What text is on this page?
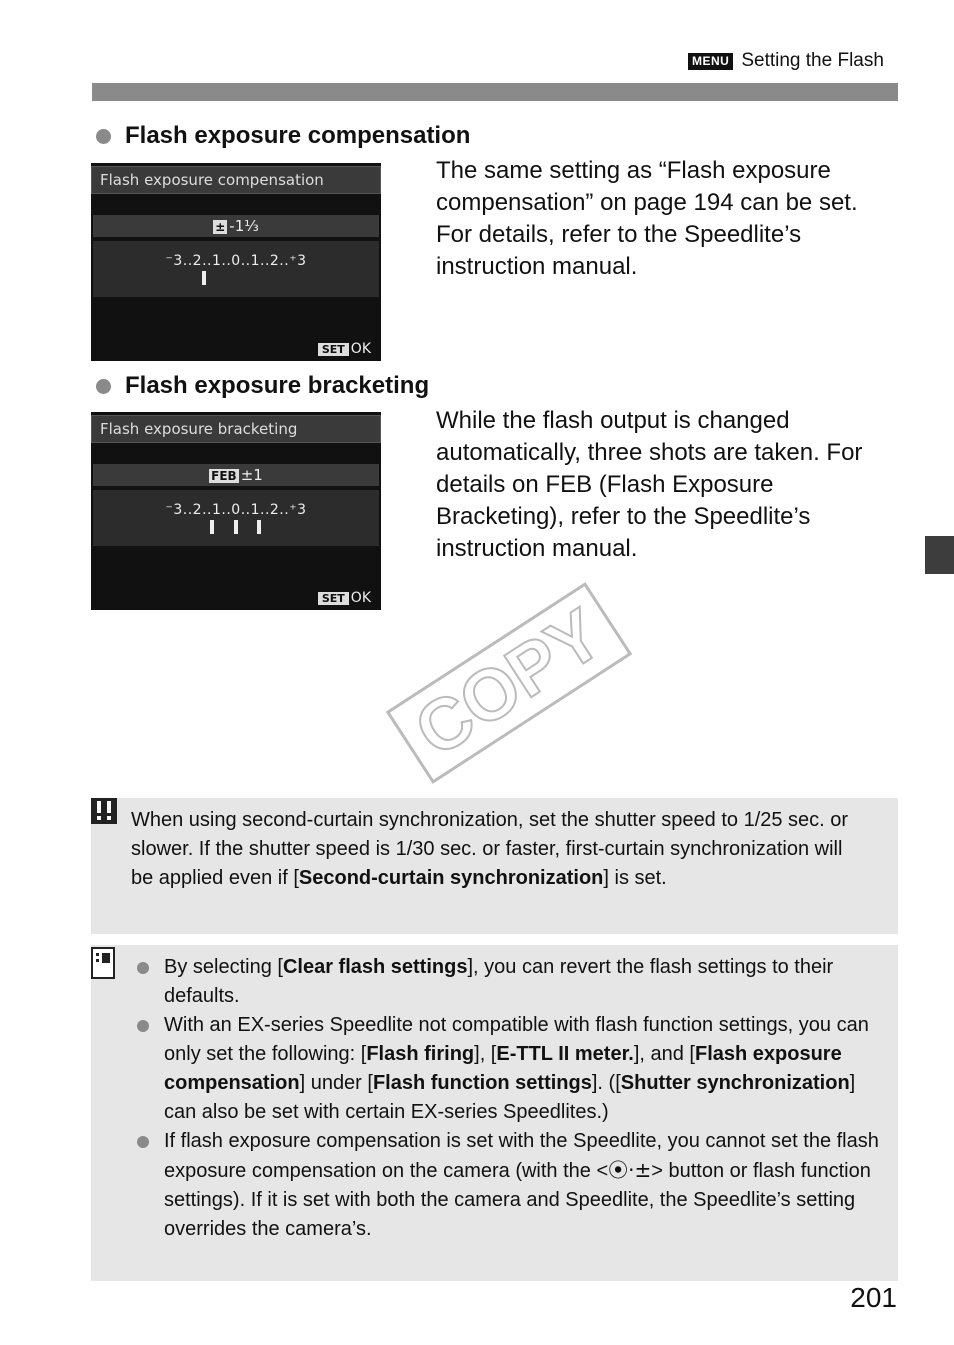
MENU Setting the Flash
Flash exposure compensation
Flash exposure compensation
± -1⅓
⁻3..2..1..0..1..2..⁺3
SET OK
The same setting as “Flash exposure compensation” on page 194 can be set. For details, refer to the Speedlite’s instruction manual.
Flash exposure bracketing
Flash exposure bracketing
FEB ±1
⁻3..2..1..0..1..2..⁺3
SET OK
While the flash output is changed automatically, three shots are taken. For details on FEB (Flash Exposure Bracketing), refer to the Speedlite’s instruction manual.
COPY
When using second-curtain synchronization, set the shutter speed to 1/25 sec. or slower. If the shutter speed is 1/30 sec. or faster, first-curtain synchronization will be applied even if [Second-curtain synchronization] is set.
By selecting [Clear flash settings], you can revert the flash settings to their defaults.
With an EX-series Speedlite not compatible with flash function settings, you can only set the following: [Flash firing], [E-TTL II meter.], and [Flash exposure compensation] under [Flash function settings]. ([Shutter synchronization] can also be set with certain EX-series Speedlites.)
If flash exposure compensation is set with the Speedlite, you cannot set the flash exposure compensation on the camera (with the <⦿·±> button or flash function settings). If it is set with both the camera and Speedlite, the Speedlite’s setting overrides the camera’s.
201
